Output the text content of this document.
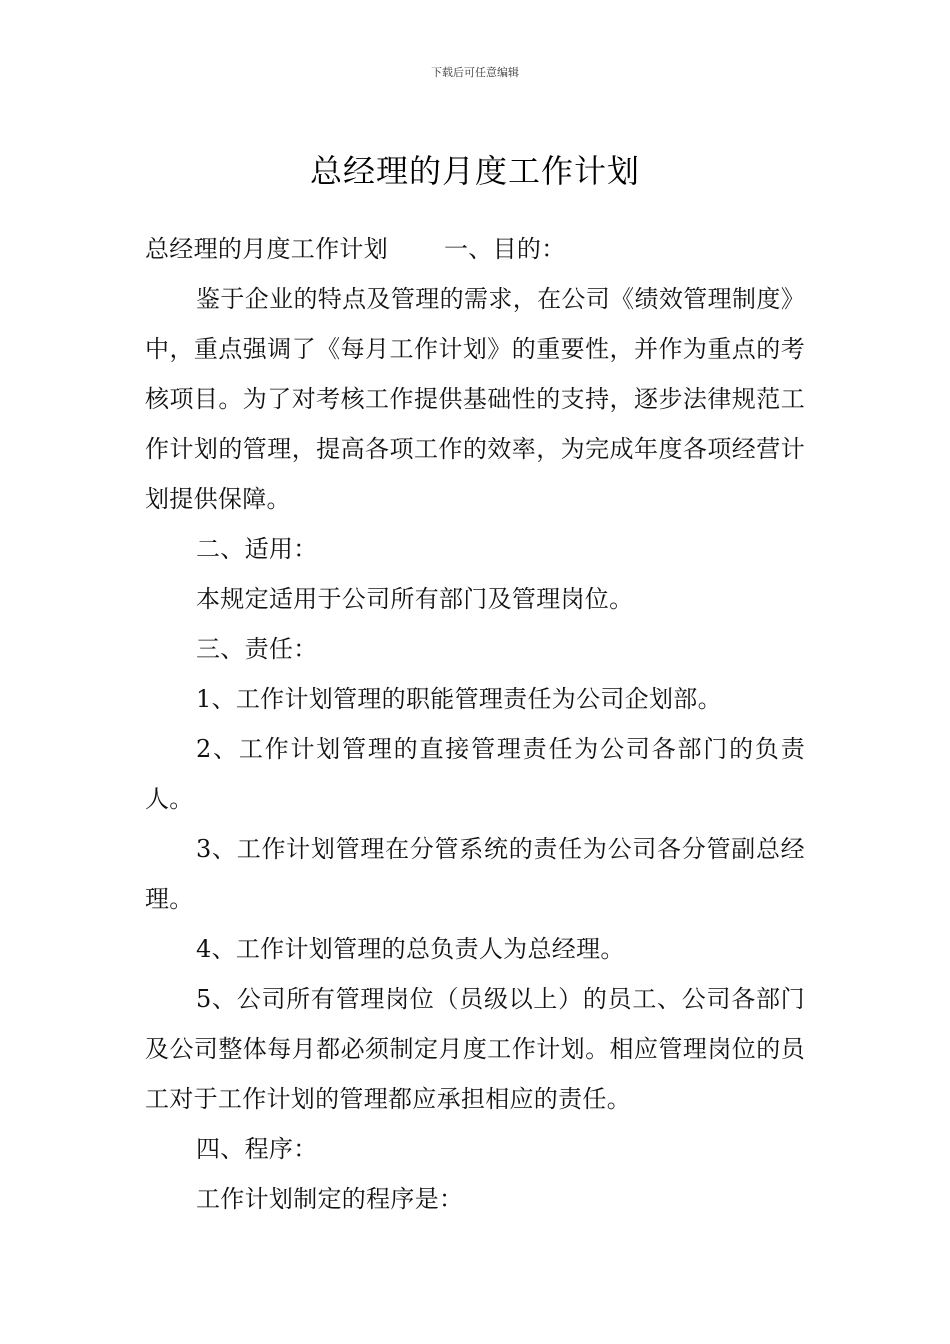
下载后可任意编辑
总经理的月度工作计划

总经理的月度工作计划 一、目的：

鉴于企业的特点及管理的需求，在公司《绩效管理制度》中，重点强调了《每月工作计划》的重要性，并作为重点的考核项目。为了对考核工作提供基础性的支持，逐步法律规范工作计划的管理，提高各项工作的效率，为完成年度各项经营计划提供保障。

二、适用：

本规定适用于公司所有部门及管理岗位。

三、责任：

1、工作计划管理的职能管理责任为公司企划部。

2、工作计划管理的直接管理责任为公司各部门的负责人。

3、工作计划管理在分管系统的责任为公司各分管副总经理。

4、工作计划管理的总负责人为总经理。

5、公司所有管理岗位（员级以上）的员工、公司各部门及公司整体每月都必须制定月度工作计划。相应管理岗位的员工对于工作计划的管理都应承担相应的责任。

四、程序：

工作计划制定的程序是：
